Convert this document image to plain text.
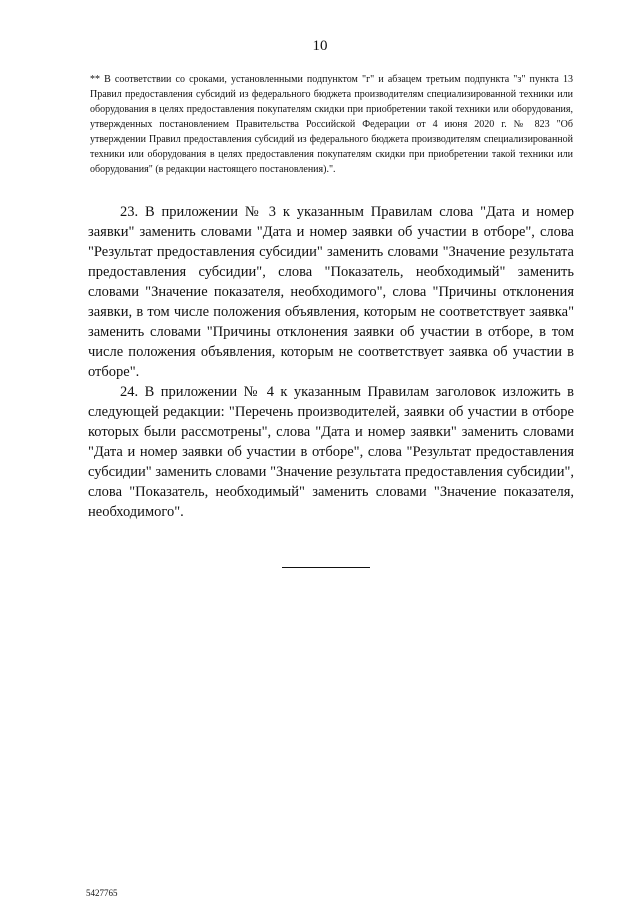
10
** В соответствии со сроками, установленными подпунктом "г" и абзацем третьим подпункта "з" пункта 13 Правил предоставления субсидий из федерального бюджета производителям специализированной техники или оборудования в целях предоставления покупателям скидки при приобретении такой техники или оборудования, утвержденных постановлением Правительства Российской Федерации от 4 июня 2020 г. № 823 "Об утверждении Правил предоставления субсидий из федерального бюджета производителям специализированной техники или оборудования в целях предоставления покупателям скидки при приобретении такой техники или оборудования" (в редакции настоящего постановления).".

23. В приложении № 3 к указанным Правилам слова "Дата и номер заявки" заменить словами "Дата и номер заявки об участии в отборе", слова "Результат предоставления субсидии" заменить словами "Значение результата предоставления субсидии", слова "Показатель, необходимый" заменить словами "Значение показателя, необходимого", слова "Причины отклонения заявки, в том числе положения объявления, которым не соответствует заявка" заменить словами "Причины отклонения заявки об участии в отборе, в том числе положения объявления, которым не соответствует заявка об участии в отборе".

24. В приложении № 4 к указанным Правилам заголовок изложить в следующей редакции: "Перечень производителей, заявки об участии в отборе которых были рассмотрены", слова "Дата и номер заявки" заменить словами "Дата и номер заявки об участии в отборе", слова "Результат предоставления субсидии" заменить словами "Значение результата предоставления субсидии", слова "Показатель, необходимый" заменить словами "Значение показателя, необходимого".

5427765
